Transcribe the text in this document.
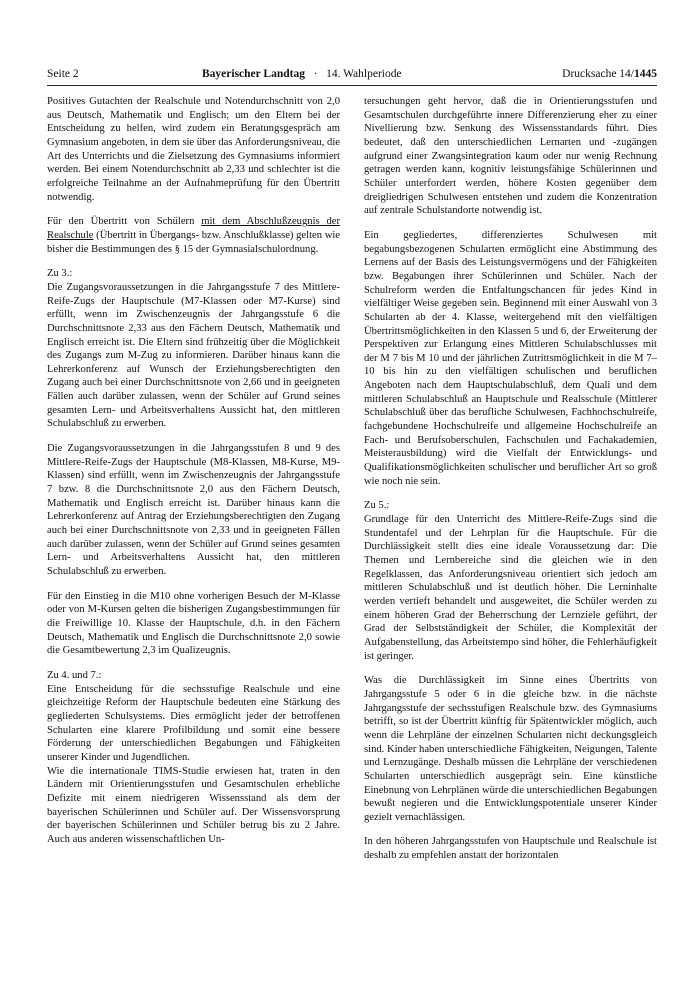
Seite 2	Bayerischer Landtag · 14. Wahlperiode	Drucksache 14/1445

Positives Gutachten der Realschule und Notendurchschnitt von 2,0 aus Deutsch, Mathematik und Englisch; um den Eltern bei der Entscheidung zu helfen, wird zudem ein Beratungsgespräch am Gymnasium angeboten, in dem sie über das Anforderungsniveau, die Art des Unterrichts und die Zielsetzung des Gymnasiums informiert werden. Bei einem Notendurchschnitt ab 2,33 und schlechter ist die erfolgreiche Teilnahme an der Aufnahmeprüfung für den Übertritt notwendig.

Für den Übertritt von Schülern mit dem Abschlußzeugnis der Realschule (Übertritt in Übergangs- bzw. Anschlußklasse) gelten wie bisher die Bestimmungen des § 15 der Gymnasialschulordnung.

Zu 3.:

Die Zugangsvoraussetzungen in die Jahrgangsstufe 7 des Mittlere-Reife-Zugs der Hauptschule (M7-Klassen oder M7-Kurse) sind erfüllt, wenn im Zwischenzeugnis der Jahrgangsstufe 6 die Durchschnittsnote 2,33 aus den Fächern Deutsch, Mathematik und Englisch erreicht ist. Die Eltern sind frühzeitig über die Möglichkeit des Zugangs zum M-Zug zu informieren. Darüber hinaus kann die Lehrerkonferenz auf Wunsch der Erziehungsberechtigten den Zugang auch bei einer Durchschnittsnote von 2,66 und in geeigneten Fällen auch darüber zulassen, wenn der Schüler auf Grund seines gesamten Lern- und Arbeitsverhaltens Aussicht hat, den mittleren Schulabschluß zu erwerben.

Die Zugangsvoraussetzungen in die Jahrgangsstufen 8 und 9 des Mittlere-Reife-Zugs der Hauptschule (M8-Klassen, M8-Kurse, M9-Klassen) sind erfüllt, wenn im Zwischenzeugnis der Jahrgangsstufe 7 bzw. 8 die Durchschnittsnote 2,0 aus den Fächern Deutsch, Mathematik und Englisch erreicht ist. Darüber hinaus kann die Lehrerkonferenz auf Antrag der Erziehungsberechtigten den Zugang auch bei einer Durchschnittsnote von 2,33 und in geeigneten Fällen auch darüber zulassen, wenn der Schüler auf Grund seines gesamten Lern- und Arbeitsverhaltens Aussicht hat, den mittleren Schulabschluß zu erwerben.

Für den Einstieg in die M10 ohne vorherigen Besuch der M-Klasse oder von M-Kursen gelten die bisherigen Zugangsbestimmungen für die Freiwillige 10. Klasse der Hauptschule, d.h. in den Fächern Deutsch, Mathematik und Englisch die Durchschnittsnote 2,0 sowie die Gesamtbewertung 2,3 im Qualizeugnis.

Zu 4. und 7.:

Eine Entscheidung für die sechsstufige Realschule und eine gleichzeitige Reform der Hauptschule bedeuten eine Stärkung des gegliederten Schulsystems. Dies ermöglicht jeder der betroffenen Schularten eine klarere Profilbildung und somit eine bessere Förderung der unterschiedlichen Begabungen und Fähigkeiten unserer Kinder und Jugendlichen.

Wie die internationale TIMS-Studie erwiesen hat, traten in den Ländern mit Orientierungsstufen und Gesamtschulen erhebliche Defizite mit einem niedrigeren Wissensstand als dem der bayerischen Schülerinnen und Schüler auf. Der Wissensvorsprung der bayerischen Schülerinnen und Schüler betrug bis zu 2 Jahre. Auch aus anderen wissenschaftlichen Un-

tersuchungen geht hervor, daß die in Orientierungsstufen und Gesamtschulen durchgeführte innere Differenzierung eher zu einer Nivellierung bzw. Senkung des Wissensstandards führt. Dies bedeutet, daß den unterschiedlichen Lernarten und -zugängen aufgrund einer Zwangsintegration kaum oder nur wenig Rechnung getragen werden kann, kognitiv leistungsfähige Schülerinnen und Schüler unterfordert werden, höhere Kosten gegenüber dem dreigliedrigen Schulwesen entstehen und zudem die Konzentration auf zentrale Schulstandorte notwendig ist.

Ein gegliedertes, differenziertes Schulwesen mit begabungsbezogenen Schularten ermöglicht eine Abstimmung des Lernens auf der Basis des Leistungsvermögens und der Fähigkeiten bzw. Begabungen ihrer Schülerinnen und Schüler. Nach der Schulreform werden die Entfaltungschancen für jedes Kind in vielfältiger Weise gegeben sein. Beginnend mit einer Auswahl von 3 Schularten ab der 4. Klasse, weitergehend mit den vielfältigen Übertrittsmöglichkeiten in den Klassen 5 und 6, der Erweiterung der Perspektiven zur Erlangung eines Mittleren Schulabschlusses mit der M 7 bis M 10 und der jährlichen Zutrittsmöglichkeit in die M 7–10 bis hin zu den vielfältigen schulischen und beruflichen Angeboten nach dem Hauptschulabschluß, dem Quali und dem mittleren Schulabschluß an Hauptschule und Realsschule (Mittlerer Schulabschluß über das berufliche Schulwesen, Fachhochschulreife, fachgebundene Hochschulreife und allgemeine Hochschulreife an Fach- und Berufsoberschulen, Fachschulen und Fachakademien, Meisterausbildung) wird die Vielfalt der Entwicklungs- und Qualifikationsmöglichkeiten schulischer und beruflicher Art so groß wie noch nie sein.

Zu 5.:

Grundlage für den Unterricht des Mittlere-Reife-Zugs sind die Stundentafel und der Lehrplan für die Hauptschule. Für die Durchlässigkeit stellt dies eine ideale Voraussetzung dar: Die Themen und Lernbereiche sind die gleichen wie in den Regelklassen, das Anforderungsniveau orientiert sich jedoch am mittleren Schulabschluß und ist deutlich höher. Die Lerninhalte werden vertieft behandelt und ausgeweitet, die Schüler werden zu einem höheren Grad der Beherrschung der Lernziele geführt, der Grad der Selbstständigkeit der Schüler, die Komplexität der Aufgabenstellung, das Arbeitstempo sind höher, die Fehlerhäufigkeit ist geringer.

Was die Durchlässigkeit im Sinne eines Übertritts von Jahrgangsstufe 5 oder 6 in die gleiche bzw. in die nächste Jahrgangsstufe der sechsstufigen Realschule bzw. des Gymnasiums betrifft, so ist der Übertritt künftig für Spätentwickler möglich, auch wenn die Lehrpläne der einzelnen Schularten nicht deckungsgleich sind. Kinder haben unterschiedliche Fähigkeiten, Neigungen, Talente und Lernzugänge. Deshalb müssen die Lehrpläne der verschiedenen Schularten unterschiedlich ausgeprägt sein. Eine künstliche Einebnung von Lehrplänen würde die unterschiedlichen Begabungen bewußt negieren und die Entwicklungspotentiale unserer Kinder gezielt vernachlässigen.

In den höheren Jahrgangsstufen von Hauptschule und Realschule ist deshalb zu empfehlen anstatt der horizontalen
